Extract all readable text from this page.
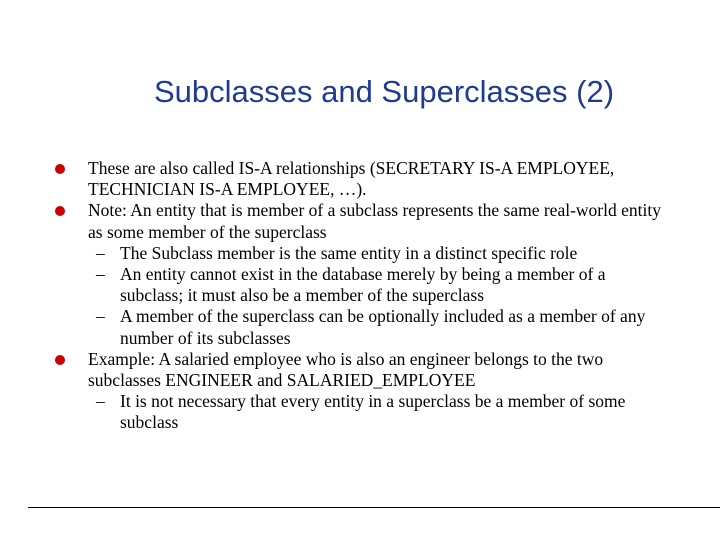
Subclasses and Superclasses (2)
These are also called IS-A relationships (SECRETARY IS-A EMPLOYEE, TECHNICIAN IS-A EMPLOYEE, …).
Note: An entity that is member of a subclass represents the same real-world entity as some member of the superclass
– The Subclass member is the same entity in a distinct specific role
– An entity cannot exist in the database merely by being a member of a subclass; it must also be a member of the superclass
– A member of the superclass can be optionally included as a member of any number of its subclasses
Example: A salaried employee who is also an engineer belongs to the two subclasses ENGINEER and SALARIED_EMPLOYEE
– It is not necessary that every entity in a superclass be a member of some subclass
